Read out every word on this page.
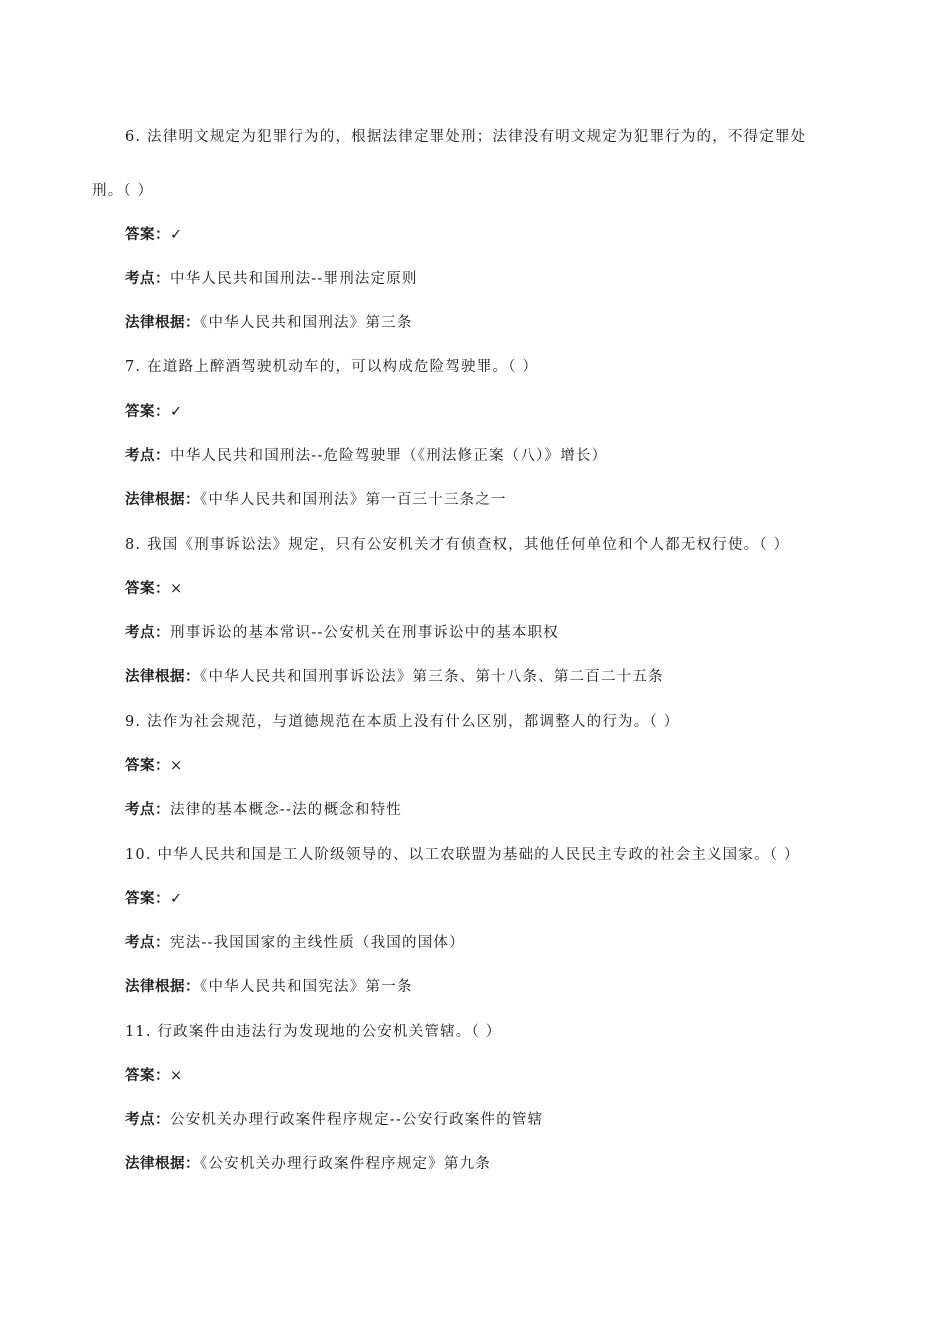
6. 法律明文规定为犯罪行为的，根据法律定罪处刑；法律没有明文规定为犯罪行为的，不得定罪处
刑。（ ）
答案：✓
考点：中华人民共和国刑法--罪刑法定原则
法律根据：《中华人民共和国刑法》第三条
7. 在道路上醉酒驾驶机动车的，可以构成危险驾驶罪。（ ）
答案：✓
考点：中华人民共和国刑法--危险驾驶罪（《刑法修正案（八）》增长）
法律根据：《中华人民共和国刑法》第一百三十三条之一
8. 我国《刑事诉讼法》规定，只有公安机关才有侦查权，其他任何单位和个人都无权行使。（ ）
答案：×
考点：刑事诉讼的基本常识--公安机关在刑事诉讼中的基本职权
法律根据：《中华人民共和国刑事诉讼法》第三条、第十八条、第二百二十五条
9. 法作为社会规范，与道德规范在本质上没有什么区别，都调整人的行为。（ ）
答案：×
考点：法律的基本概念--法的概念和特性
10. 中华人民共和国是工人阶级领导的、以工农联盟为基础的人民民主专政的社会主义国家。（ ）
答案：✓
考点：宪法--我国国家的主线性质（我国的国体）
法律根据：《中华人民共和国宪法》第一条
11. 行政案件由违法行为发现地的公安机关管辖。（ ）
答案：×
考点：公安机关办理行政案件程序规定--公安行政案件的管辖
法律根据：《公安机关办理行政案件程序规定》第九条
